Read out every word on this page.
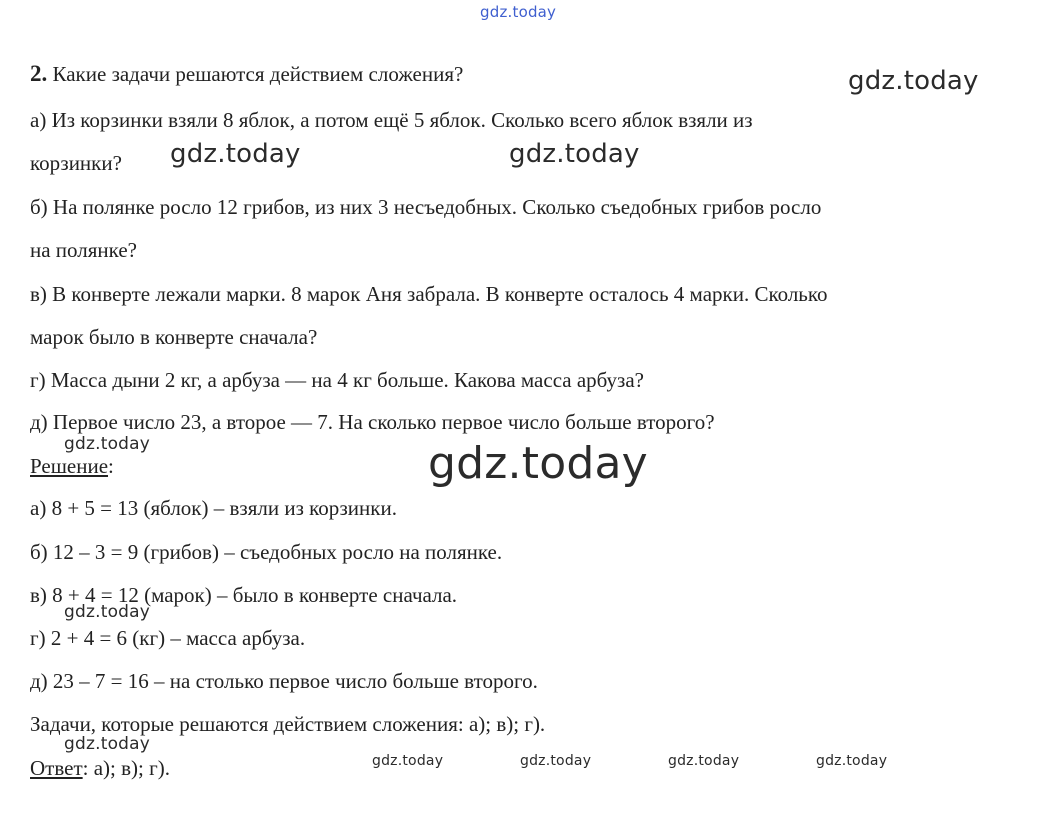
gdz.today
gdz.today
gdz.today	gdz.today
gdz.today
gdz.today
gdz.today
gdz.today
gdz.today	gdz.today	gdz.today	gdz.today
2. Какие задачи решаются действием сложения?
а) Из корзинки взяли 8 яблок, а потом ещё 5 яблок. Сколько всего яблок взяли из
корзинки?
б) На полянке росло 12 грибов, из них 3 несъедобных. Сколько съедобных грибов росло
на полянке?
в) В конверте лежали марки. 8 марок Аня забрала. В конверте осталось 4 марки. Сколько
марок было в конверте сначала?
г) Масса дыни 2 кг, а арбуза — на 4 кг больше. Какова масса арбуза?
д) Первое число 23, а второе — 7. На сколько первое число больше второго?
Решение:
а) 8 + 5 = 13 (яблок) – взяли из корзинки.
б) 12 – 3 = 9 (грибов) – съедобных росло на полянке.
в) 8 + 4 = 12 (марок) – было в конверте сначала.
г) 2 + 4 = 6 (кг) – масса арбуза.
д) 23 – 7 = 16 – на столько первое число больше второго.
Задачи, которые решаются действием сложения: а); в); г).
Ответ: а); в); г).
